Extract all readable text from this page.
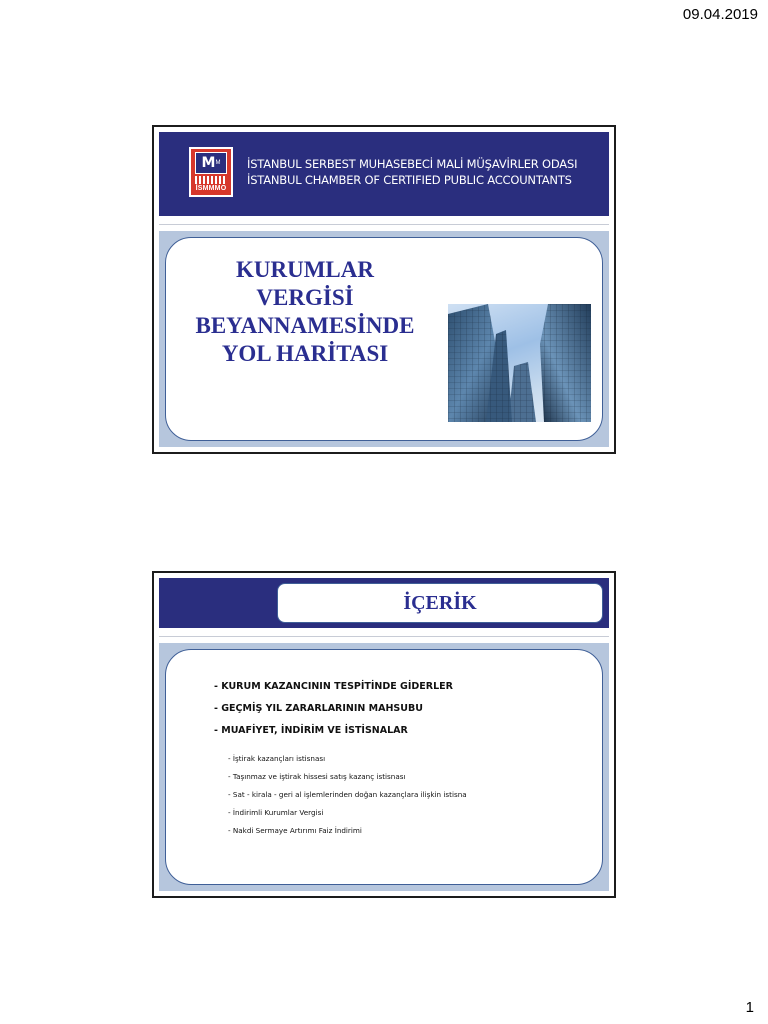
09.04.2019
M M
İSMMMO
İSTANBUL SERBEST MUHASEBECİ MALİ MÜŞAVİRLER ODASI
İSTANBUL CHAMBER OF CERTIFIED PUBLIC ACCOUNTANTS
KURUMLAR
VERGİSİ
BEYANNAMESİNDE
YOL HARİTASI
İÇERİK
- KURUM KAZANCININ TESPİTİNDE GİDERLER
- GEÇMİŞ YIL ZARARLARININ MAHSUBU
- MUAFİYET, İNDİRİM VE İSTİSNALAR
- İştirak kazançları istisnası
- Taşınmaz ve iştirak hissesi satış kazanç istisnası
- Sat - kirala - geri al işlemlerinden doğan kazançlara ilişkin istisna
- İndirimli Kurumlar Vergisi
- Nakdi Sermaye Artırımı Faiz İndirimi
1
